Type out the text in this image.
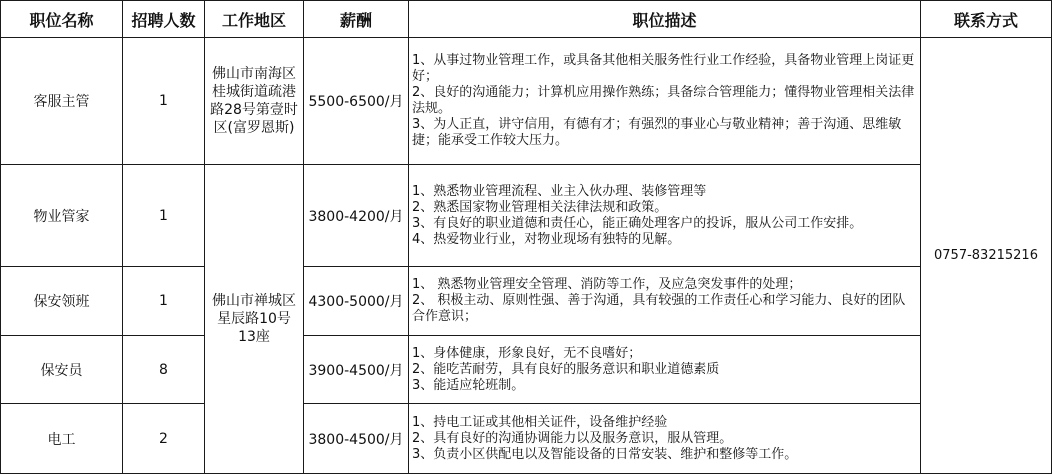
职位名称	招聘人数	工作地区	薪酬	职位描述	联系方式
客服主管	1	佛山市南海区桂城街道疏港路28号第壹时区(富罗恩斯)	5500-6500/月	1、从事过物业管理工作，或具备其他相关服务性行业工作经验，具备物业管理上岗证更好；
2、良好的沟通能力；计算机应用操作熟练；具备综合管理能力；懂得物业管理相关法律法规。
3、为人正直，讲守信用，有德有才；有强烈的事业心与敬业精神；善于沟通、思维敏捷；能承受工作较大压力。	0757-83215216
物业管家	1	佛山市禅城区星辰路10号13座	3800-4200/月	1、熟悉物业管理流程、业主入伙办理、装修管理等
2、熟悉国家物业管理相关法律法规和政策。
3、有良好的职业道德和责任心，能正确处理客户的投诉，服从公司工作安排。
4、热爱物业行业，对物业现场有独特的见解。	

保安领班	1		4300-5000/月	1、 熟悉物业管理安全管理、消防等工作，及应急突发事件的处理；
2、 积极主动、原则性强、善于沟通，具有较强的工作责任心和学习能力、良好的团队合作意识；	

保安员	8		3900-4500/月	1、身体健康，形象良好，无不良嗜好；
2、能吃苦耐劳，具有良好的服务意识和职业道德素质
3、能适应轮班制。	

电工	2		3800-4500/月	1、持电工证或其他相关证件，设备维护经验
2、具有良好的沟通协调能力以及服务意识，服从管理。
3、负责小区供配电以及智能设备的日常安装、维护和整修等工作。	
